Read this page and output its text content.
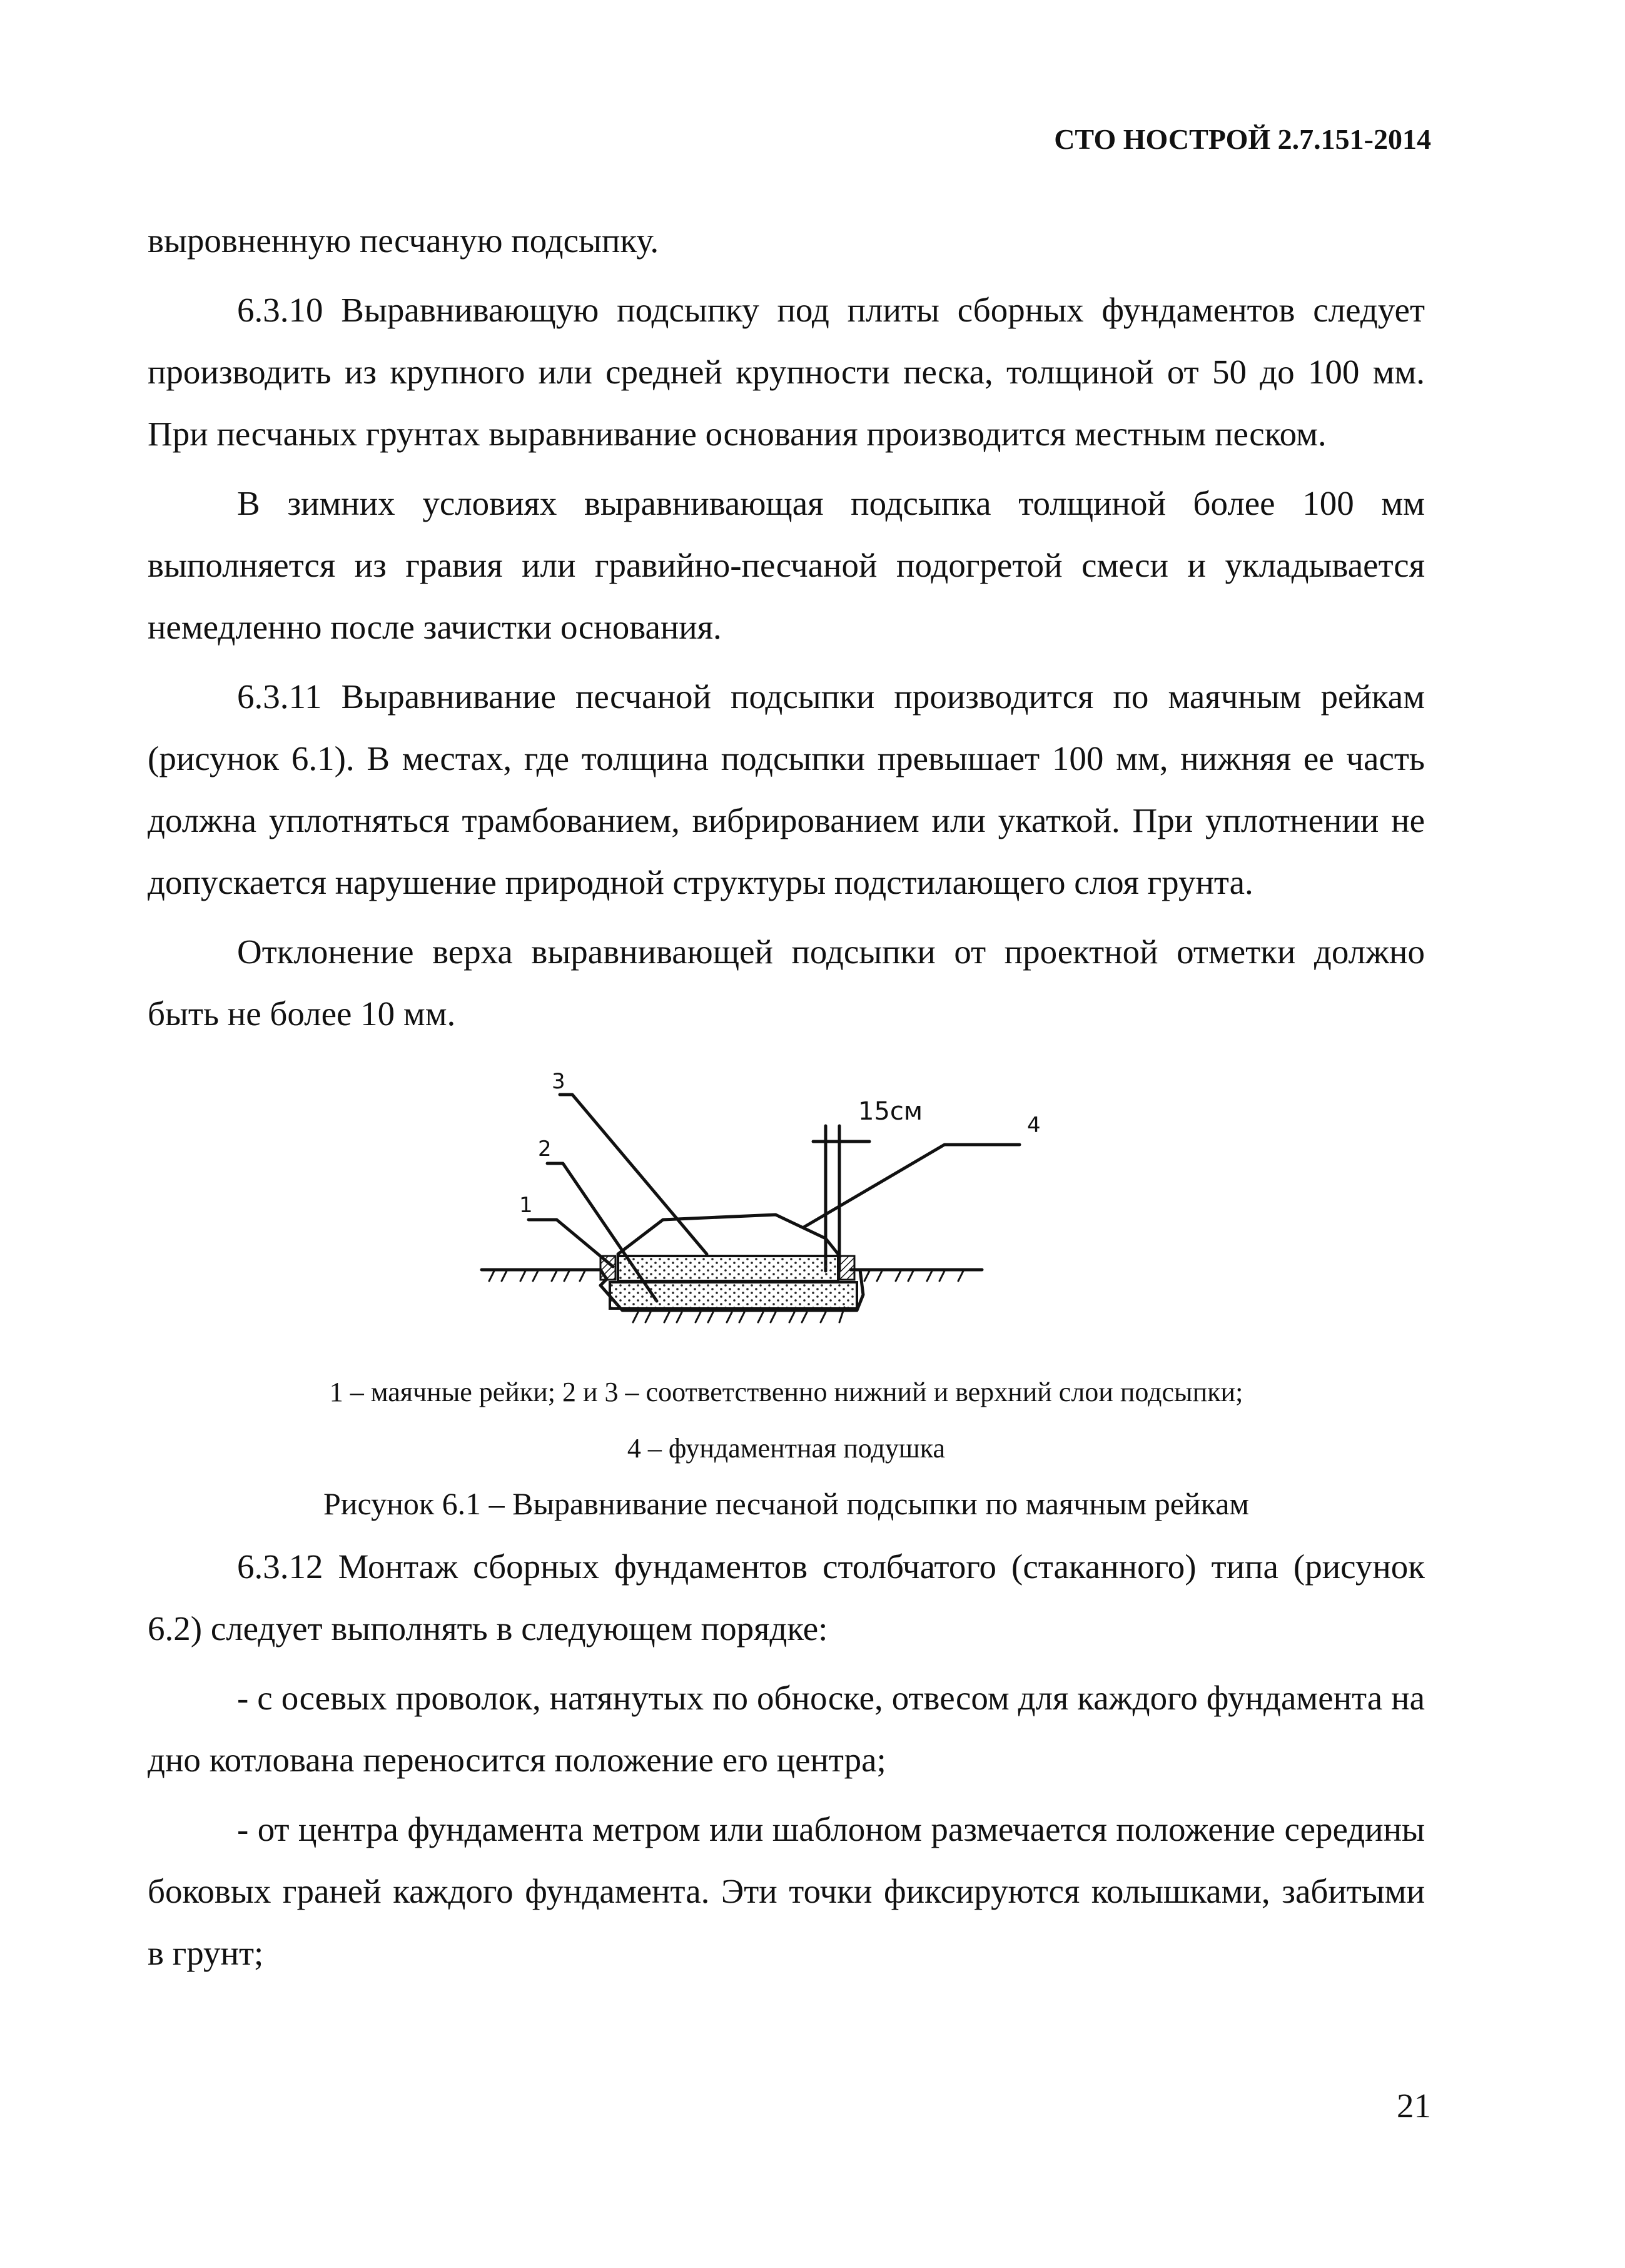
СТО НОСТРОЙ 2.7.151-2014

выровненную песчаную подсыпку.

6.3.10 Выравнивающую подсыпку под плиты сборных фундаментов следует производить из крупного или средней крупности песка, толщиной от 50 до 100 мм. При песчаных грунтах выравнивание основания производится местным песком.

В зимних условиях выравнивающая подсыпка толщиной более 100 мм выполняется из гравия или гравийно-песчаной подогретой смеси и укладывается немедленно после зачистки основания.

6.3.11 Выравнивание песчаной подсыпки производится по маячным рейкам (рисунок 6.1). В местах, где толщина подсыпки превышает 100 мм, нижняя ее часть должна уплотняться трамбованием, вибрированием или укаткой. При уплотнении не допускается нарушение природной структуры подстилающего слоя грунта.

Отклонение верха выравнивающей подсыпки от проектной отметки должно быть не более 10 мм.

1
2
3
4
15см
1 – маячные рейки; 2 и 3 – соответственно нижний и верхний слои подсыпки;
4 – фундаментная подушка
Рисунок 6.1 – Выравнивание песчаной подсыпки по маячным рейкам

6.3.12 Монтаж сборных фундаментов столбчатого (стаканного) типа (рисунок 6.2) следует выполнять в следующем порядке:

- с осевых проволок, натянутых по обноске, отвесом для каждого фундамента на дно котлована переносится положение его центра;

- от центра фундамента метром или шаблоном размечается положение середины боковых граней каждого фундамента. Эти точки фиксируются колышками, забитыми в грунт;

21
